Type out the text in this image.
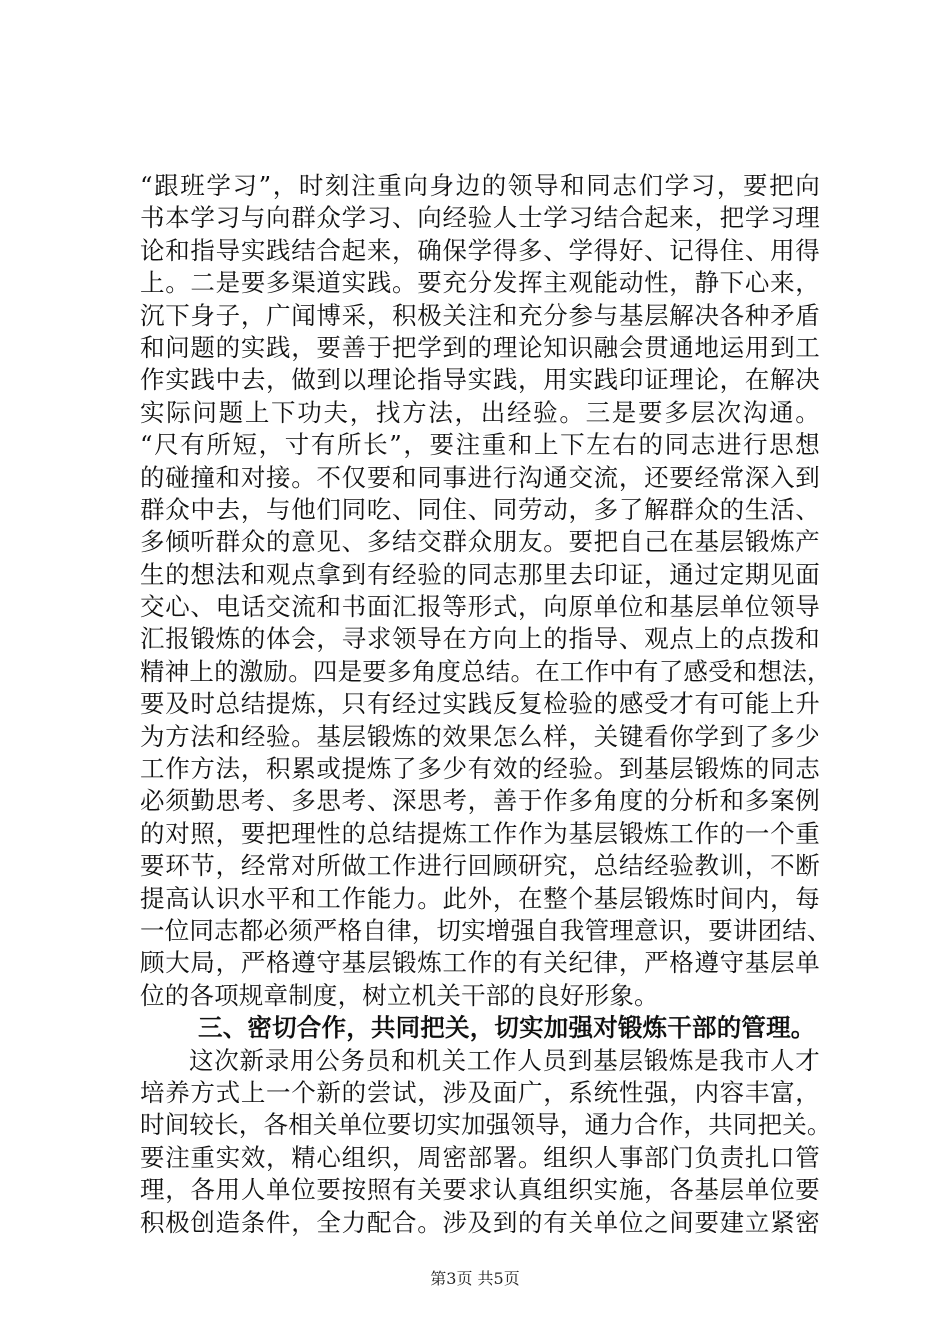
“跟班学习”，时刻注重向身边的领导和同志们学习，要把向
书本学习与向群众学习、向经验人士学习结合起来，把学习理
论和指导实践结合起来，确保学得多、学得好、记得住、用得
上。二是要多渠道实践。要充分发挥主观能动性，静下心来，
沉下身子，广闻博采，积极关注和充分参与基层解决各种矛盾
和问题的实践，要善于把学到的理论知识融会贯通地运用到工
作实践中去，做到以理论指导实践，用实践印证理论，在解决
实际问题上下功夫，找方法，出经验。三是要多层次沟通。
“尺有所短，寸有所长”，要注重和上下左右的同志进行思想
的碰撞和对接。不仅要和同事进行沟通交流，还要经常深入到
群众中去，与他们同吃、同住、同劳动，多了解群众的生活、
多倾听群众的意见、多结交群众朋友。要把自己在基层锻炼产
生的想法和观点拿到有经验的同志那里去印证，通过定期见面
交心、电话交流和书面汇报等形式，向原单位和基层单位领导
汇报锻炼的体会，寻求领导在方向上的指导、观点上的点拨和
精神上的激励。四是要多角度总结。在工作中有了感受和想法，
要及时总结提炼，只有经过实践反复检验的感受才有可能上升
为方法和经验。基层锻炼的效果怎么样，关键看你学到了多少
工作方法，积累或提炼了多少有效的经验。到基层锻炼的同志
必须勤思考、多思考、深思考，善于作多角度的分析和多案例
的对照，要把理性的总结提炼工作作为基层锻炼工作的一个重
要环节，经常对所做工作进行回顾研究，总结经验教训，不断
提高认识水平和工作能力。此外，在整个基层锻炼时间内，每
一位同志都必须严格自律，切实增强自我管理意识，要讲团结、
顾大局，严格遵守基层锻炼工作的有关纪律，严格遵守基层单
位的各项规章制度，树立机关干部的良好形象。
三、密切合作，共同把关，切实加强对锻炼干部的管理。
这次新录用公务员和机关工作人员到基层锻炼是我市人才
培养方式上一个新的尝试，涉及面广，系统性强，内容丰富，
时间较长，各相关单位要切实加强领导，通力合作，共同把关。
要注重实效，精心组织，周密部署。组织人事部门负责扎口管
理，各用人单位要按照有关要求认真组织实施，各基层单位要
积极创造条件，全力配合。涉及到的有关单位之间要建立紧密
第3页 共5页
